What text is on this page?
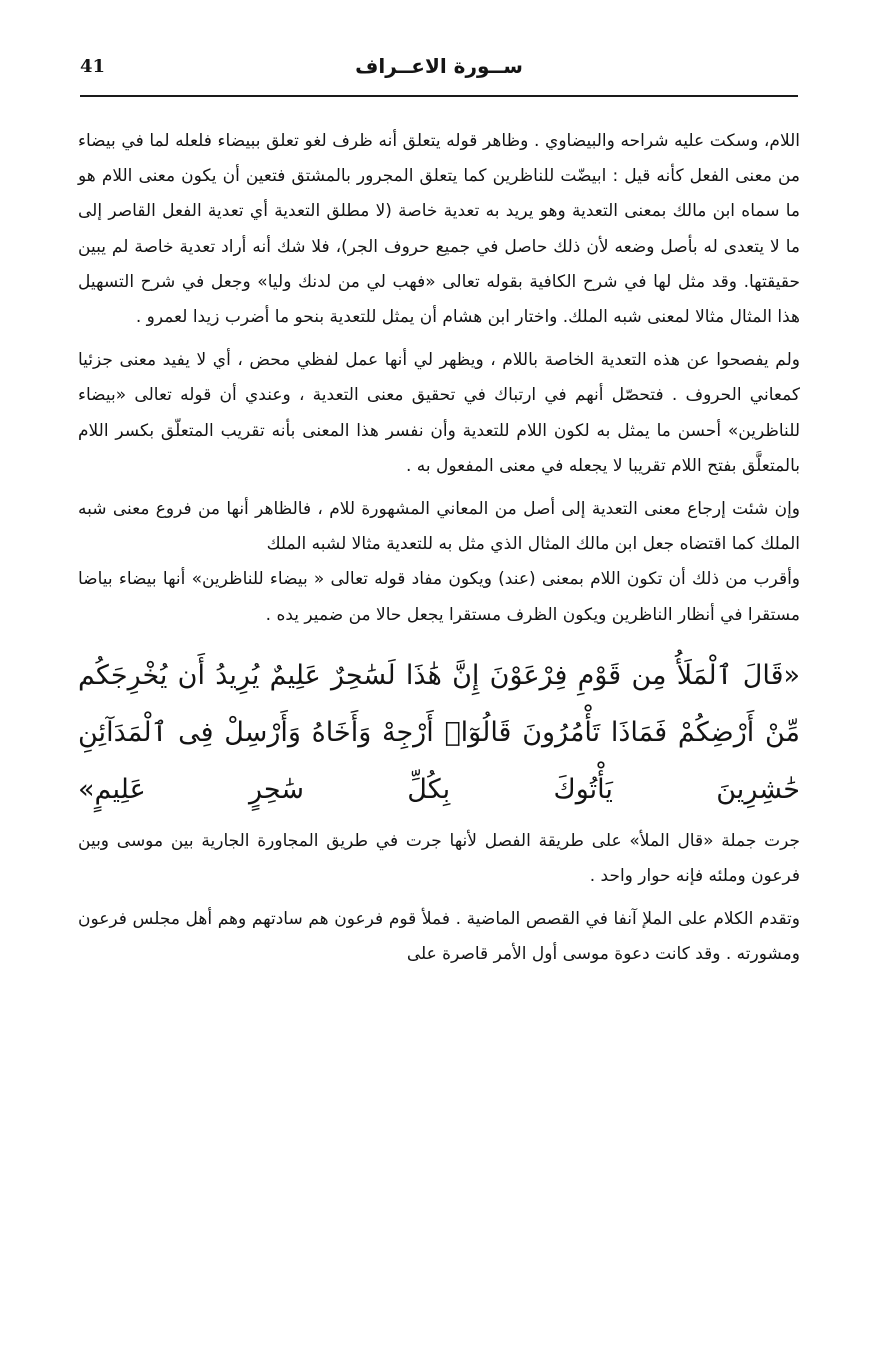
41	ســورة الاعــراف

اللام، وسكت عليه شراحه والبيضاوي . وظاهر قوله يتعلق أنه ظرف لغو تعلق ببيضاء فلعله لما في بيضاء من معنى الفعل كأنه قيل : ابيضّت للناظرين كما يتعلق المجرور بالمشتق فتعين أن يكون معنى اللام هو ما سماه ابن مالك بمعنى التعدية وهو يريد به تعدية خاصة (لا مطلق التعدية أي تعدية الفعل القاصر إلى ما لا يتعدى له بأصل وضعه لأن ذلك حاصل في جميع حروف الجر)، فلا شك أنه أراد تعدية خاصة لم يبين حقيقتها. وقد مثل لها في شرح الكافية بقوله تعالى «فهب لي من لدنك وليا» وجعل في شرح التسهيل هذا المثال مثالا لمعنى شبه الملك. واختار ابن هشام أن يمثل للتعدية بنحو ما أضرب زيدا لعمرو .

ولم يفصحوا عن هذه التعدية الخاصة باللام ، ويظهر لي أنها عمل لفظي محض ، أي لا يفيد معنى جزئيا كمعاني الحروف . فتحصّل أنهم في ارتباك في تحقيق معنى التعدية ، وعندي أن قوله تعالى «بيضاء للناظرين» أحسن ما يمثل به لكون اللام للتعدية وأن نفسر هذا المعنى بأنه تقريب المتعلّق بكسر اللام بالمتعلَّق بفتح اللام تقريبا لا يجعله في معنى المفعول به .

وإن شئت إرجاع معنى التعدية إلى أصل من المعاني المشهورة للام ، فالظاهر أنها من فروع معنى شبه الملك كما اقتضاه جعل ابن مالك المثال الذي مثل به للتعدية مثالا لشبه الملك

وأقرب من ذلك أن تكون اللام بمعنى (عند) ويكون مفاد قوله تعالى « بيضاء للناظرين» أنها بيضاء بياضا مستقرا في أنظار الناظرين ويكون الظرف مستقرا يجعل حالا من ضمير يده .

«قَالَ ٱلْمَلَأُ مِن قَوْمِ فِرْعَوْنَ إِنَّ هَٰذَا لَسَٰحِرٌ عَلِيمٌ يُرِيدُ أَن يُخْرِجَكُم مِّنْ أَرْضِكُمْ فَمَاذَا تَأْمُرُونَ قَالُوٓا۟ أَرْجِهْ وَأَخَاهُ وَأَرْسِلْ فِى ٱلْمَدَآئِنِ حَٰشِرِينَ يَأْتُوكَ بِكُلِّ سَٰحِرٍ عَلِيمٍ»

جرت جملة «قال الملأ» على طريقة الفصل لأنها جرت في طريق المجاورة الجارية بين موسى وبين فرعون وملئه فإنه حوار واحد .

وتقدم الكلام على الملإ آنفا في القصص الماضية . فملأ قوم فرعون هم سادتهم وهم أهل مجلس فرعون ومشورته . وقد كانت دعوة موسى أول الأمر قاصرة على
